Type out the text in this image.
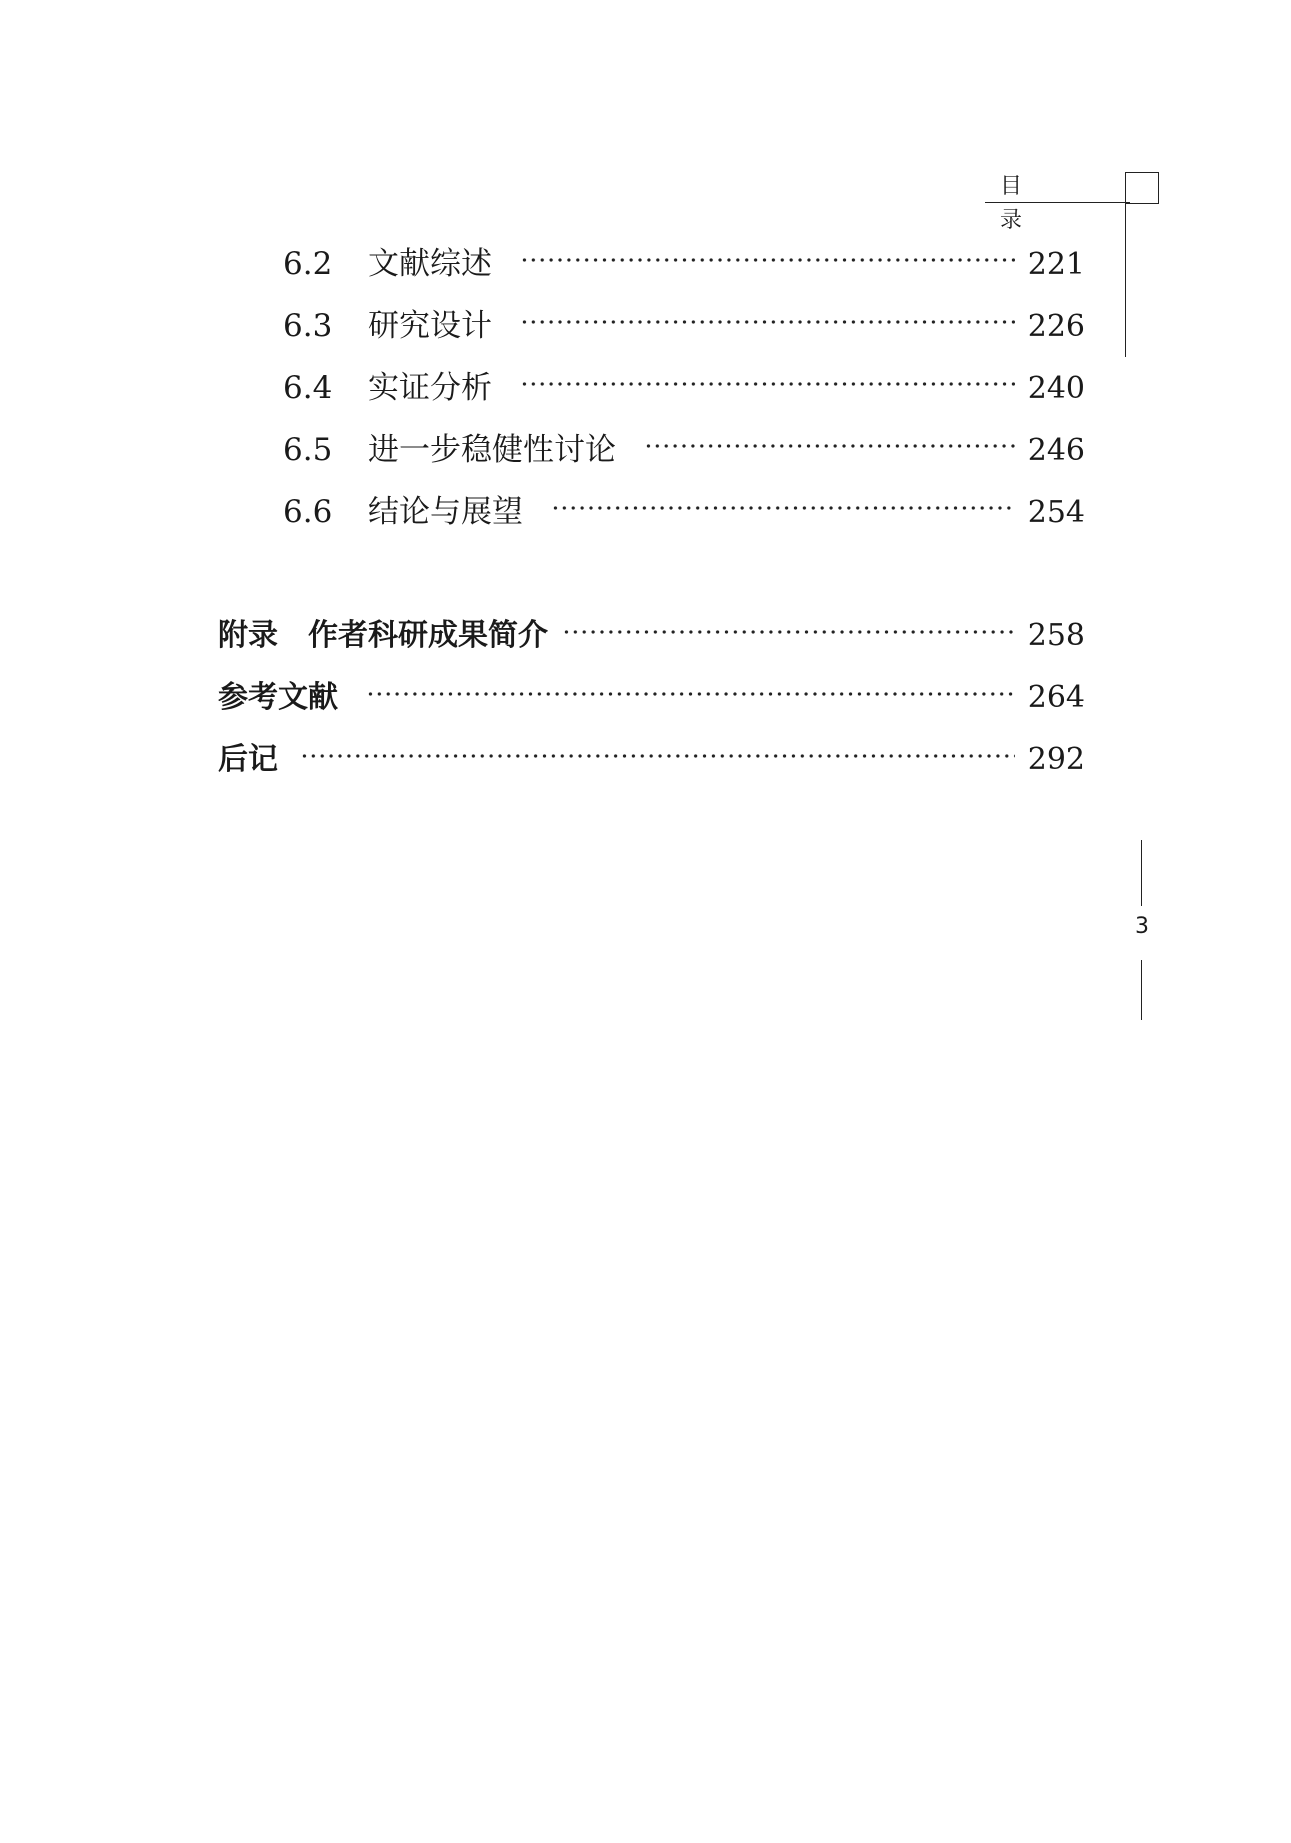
目 录
6.2	文献综述	221
6.3	研究设计	226
6.4	实证分析	240
6.5	进一步稳健性讨论	246
6.6	结论与展望	254
附录　作者科研成果简介	258
参考文献	264
后记	292
3
